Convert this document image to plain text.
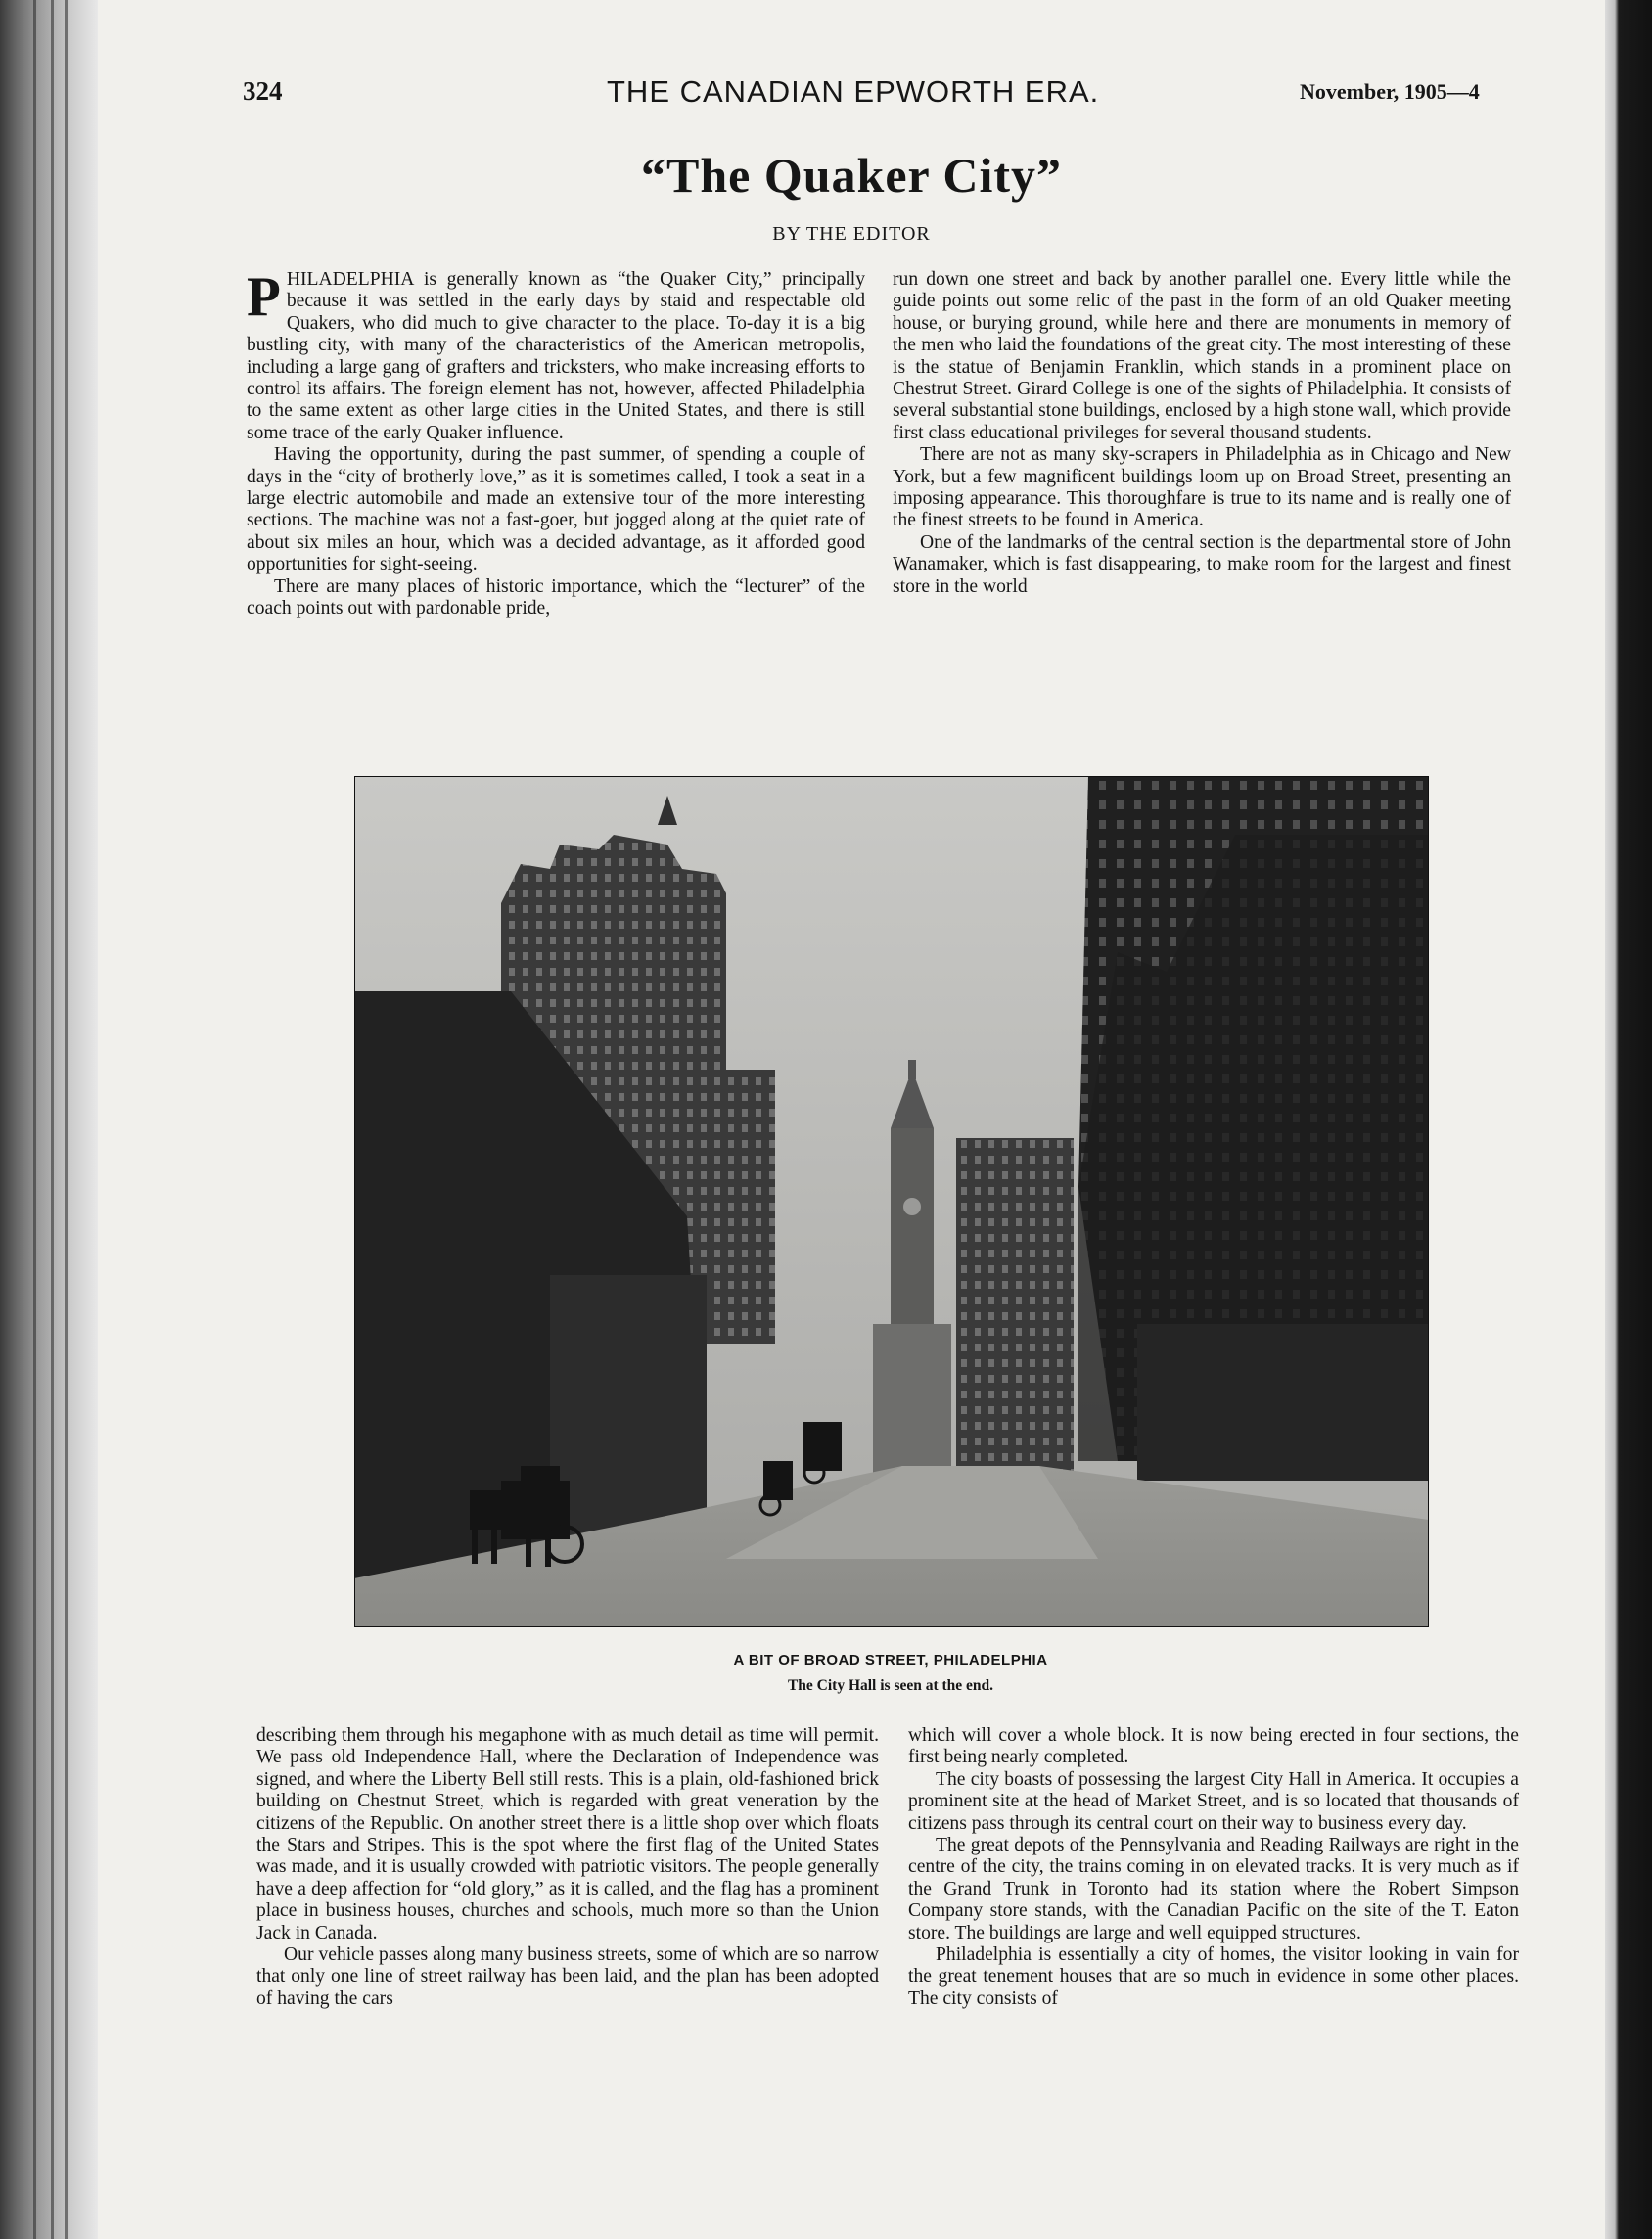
324	THE CANADIAN EPWORTH ERA.	November, 1905—4
“The Quaker City”
BY THE EDITOR

PHILADELPHIA is generally known as “the Quaker City,” principally because it was settled in the early days by staid and respectable old Quakers, who did much to give character to the place. To-day it is a big bustling city, with many of the characteristics of the American metropolis, including a large gang of grafters and tricksters, who make increasing efforts to control its affairs. The foreign element has not, however, affected Philadelphia to the same extent as other large cities in the United States, and there is still some trace of the early Quaker influence.

Having the opportunity, during the past summer, of spending a couple of days in the “city of brotherly love,” as it is sometimes called, I took a seat in a large electric automobile and made an extensive tour of the more interesting sections. The machine was not a fast-goer, but jogged along at the quiet rate of about six miles an hour, which was a decided advantage, as it afforded good opportunities for sight-seeing.

There are many places of historic importance, which the “lecturer” of the coach points out with pardonable pride,

run down one street and back by another parallel one. Every little while the guide points out some relic of the past in the form of an old Quaker meeting house, or burying ground, while here and there are monuments in memory of the men who laid the foundations of the great city. The most interesting of these is the statue of Benjamin Franklin, which stands in a prominent place on Chestrut Street. Girard College is one of the sights of Philadelphia. It consists of several substantial stone buildings, enclosed by a high stone wall, which provide first class educational privileges for several thousand students.

There are not as many sky-scrapers in Philadelphia as in Chicago and New York, but a few magnificent buildings loom up on Broad Street, presenting an imposing appearance. This thoroughfare is true to its name and is really one of the finest streets to be found in America.

One of the landmarks of the central section is the departmental store of John Wanamaker, which is fast disappearing, to make room for the largest and finest store in the world

A BIT OF BROAD STREET, PHILADELPHIA
The City Hall is seen at the end.

describing them through his megaphone with as much detail as time will permit. We pass old Independence Hall, where the Declaration of Independence was signed, and where the Liberty Bell still rests. This is a plain, old-fashioned brick building on Chestnut Street, which is regarded with great veneration by the citizens of the Republic. On another street there is a little shop over which floats the Stars and Stripes. This is the spot where the first flag of the United States was made, and it is usually crowded with patriotic visitors. The people generally have a deep affection for “old glory,” as it is called, and the flag has a prominent place in business houses, churches and schools, much more so than the Union Jack in Canada.

Our vehicle passes along many business streets, some of which are so narrow that only one line of street railway has been laid, and the plan has been adopted of having the cars

which will cover a whole block. It is now being erected in four sections, the first being nearly completed.

The city boasts of possessing the largest City Hall in America. It occupies a prominent site at the head of Market Street, and is so located that thousands of citizens pass through its central court on their way to business every day.

The great depots of the Pennsylvania and Reading Railways are right in the centre of the city, the trains coming in on elevated tracks. It is very much as if the Grand Trunk in Toronto had its station where the Robert Simpson Company store stands, with the Canadian Pacific on the site of the T. Eaton store. The buildings are large and well equipped structures.

Philadelphia is essentially a city of homes, the visitor looking in vain for the great tenement houses that are so much in evidence in some other places. The city consists of
